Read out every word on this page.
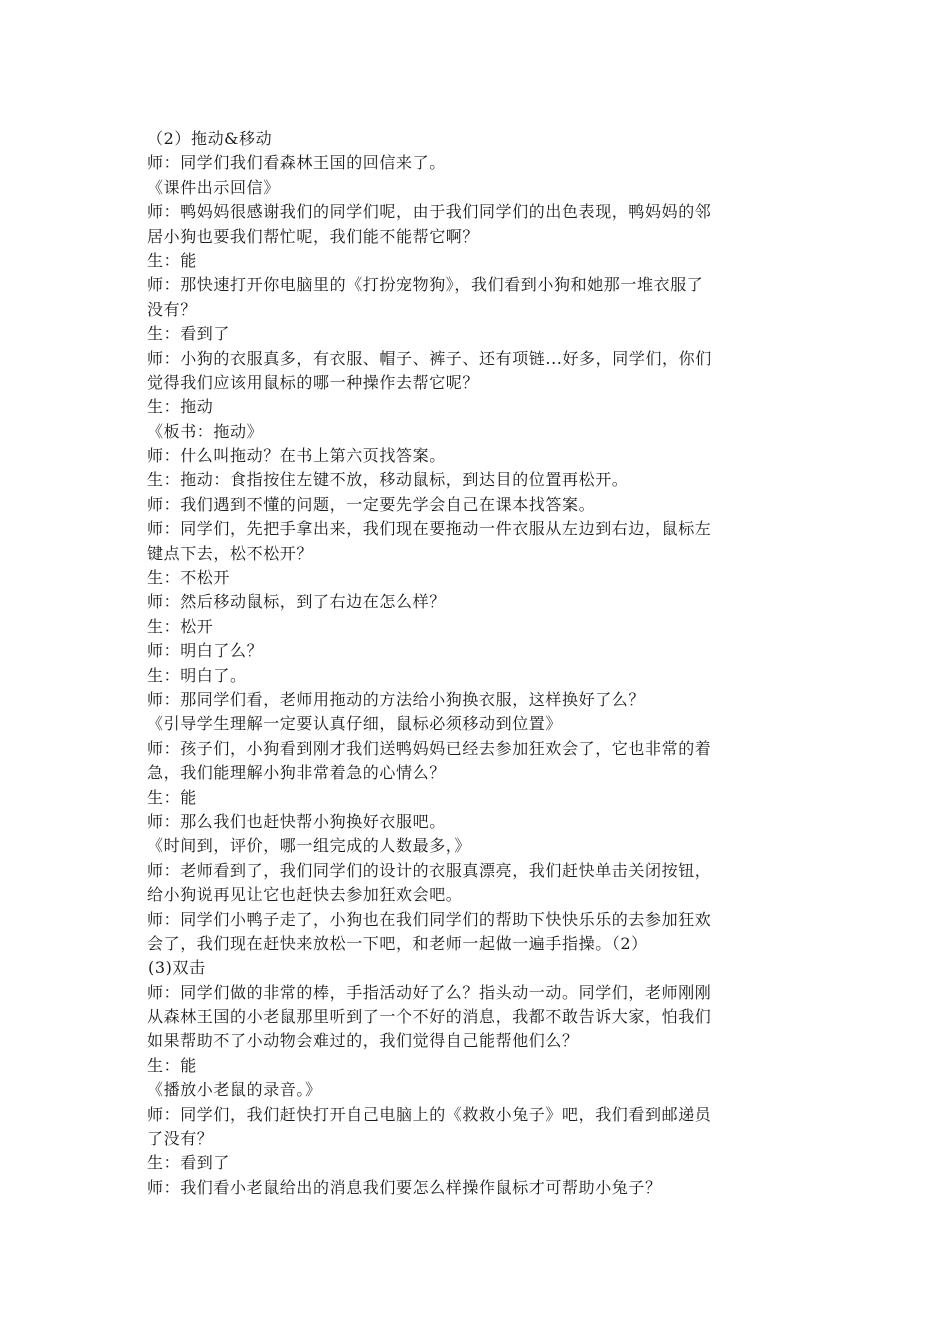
（2）拖动&移动
师：同学们我们看森林王国的回信来了。
《课件出示回信》
师：鸭妈妈很感谢我们的同学们呢，由于我们同学们的出色表现，鸭妈妈的邻
居小狗也要我们帮忙呢，我们能不能帮它啊？
生：能
师：那快速打开你电脑里的《打扮宠物狗》，我们看到小狗和她那一堆衣服了
没有？
生：看到了
师：小狗的衣服真多，有衣服、帽子、裤子、还有项链...好多，同学们，你们
觉得我们应该用鼠标的哪一种操作去帮它呢？
生：拖动
《板书：拖动》
师：什么叫拖动？在书上第六页找答案。
生：拖动：食指按住左键不放，移动鼠标，到达目的位置再松开。
师：我们遇到不懂的问题，一定要先学会自己在课本找答案。
师：同学们，先把手拿出来，我们现在要拖动一件衣服从左边到右边，鼠标左
键点下去，松不松开？
生：不松开
师：然后移动鼠标，到了右边在怎么样？
生：松开
师：明白了么？
生：明白了。
师：那同学们看，老师用拖动的方法给小狗换衣服，这样换好了么？
《引导学生理解一定要认真仔细，鼠标必须移动到位置》
师：孩子们，小狗看到刚才我们送鸭妈妈已经去参加狂欢会了，它也非常的着
急，我们能理解小狗非常着急的心情么？
生：能
师：那么我们也赶快帮小狗换好衣服吧。
《时间到，评价，哪一组完成的人数最多，》
师：老师看到了，我们同学们的设计的衣服真漂亮，我们赶快单击关闭按钮，
给小狗说再见让它也赶快去参加狂欢会吧。
师：同学们小鸭子走了，小狗也在我们同学们的帮助下快快乐乐的去参加狂欢
会了，我们现在赶快来放松一下吧，和老师一起做一遍手指操。（2）
(3)双击
师：同学们做的非常的棒，手指活动好了么？指头动一动。同学们，老师刚刚
从森林王国的小老鼠那里听到了一个不好的消息，我都不敢告诉大家，怕我们
如果帮助不了小动物会难过的，我们觉得自己能帮他们么？
生：能
《播放小老鼠的录音。》
师：同学们，我们赶快打开自己电脑上的《救救小兔子》吧，我们看到邮递员
了没有？
生：看到了
师：我们看小老鼠给出的消息我们要怎么样操作鼠标才可帮助小兔子？
